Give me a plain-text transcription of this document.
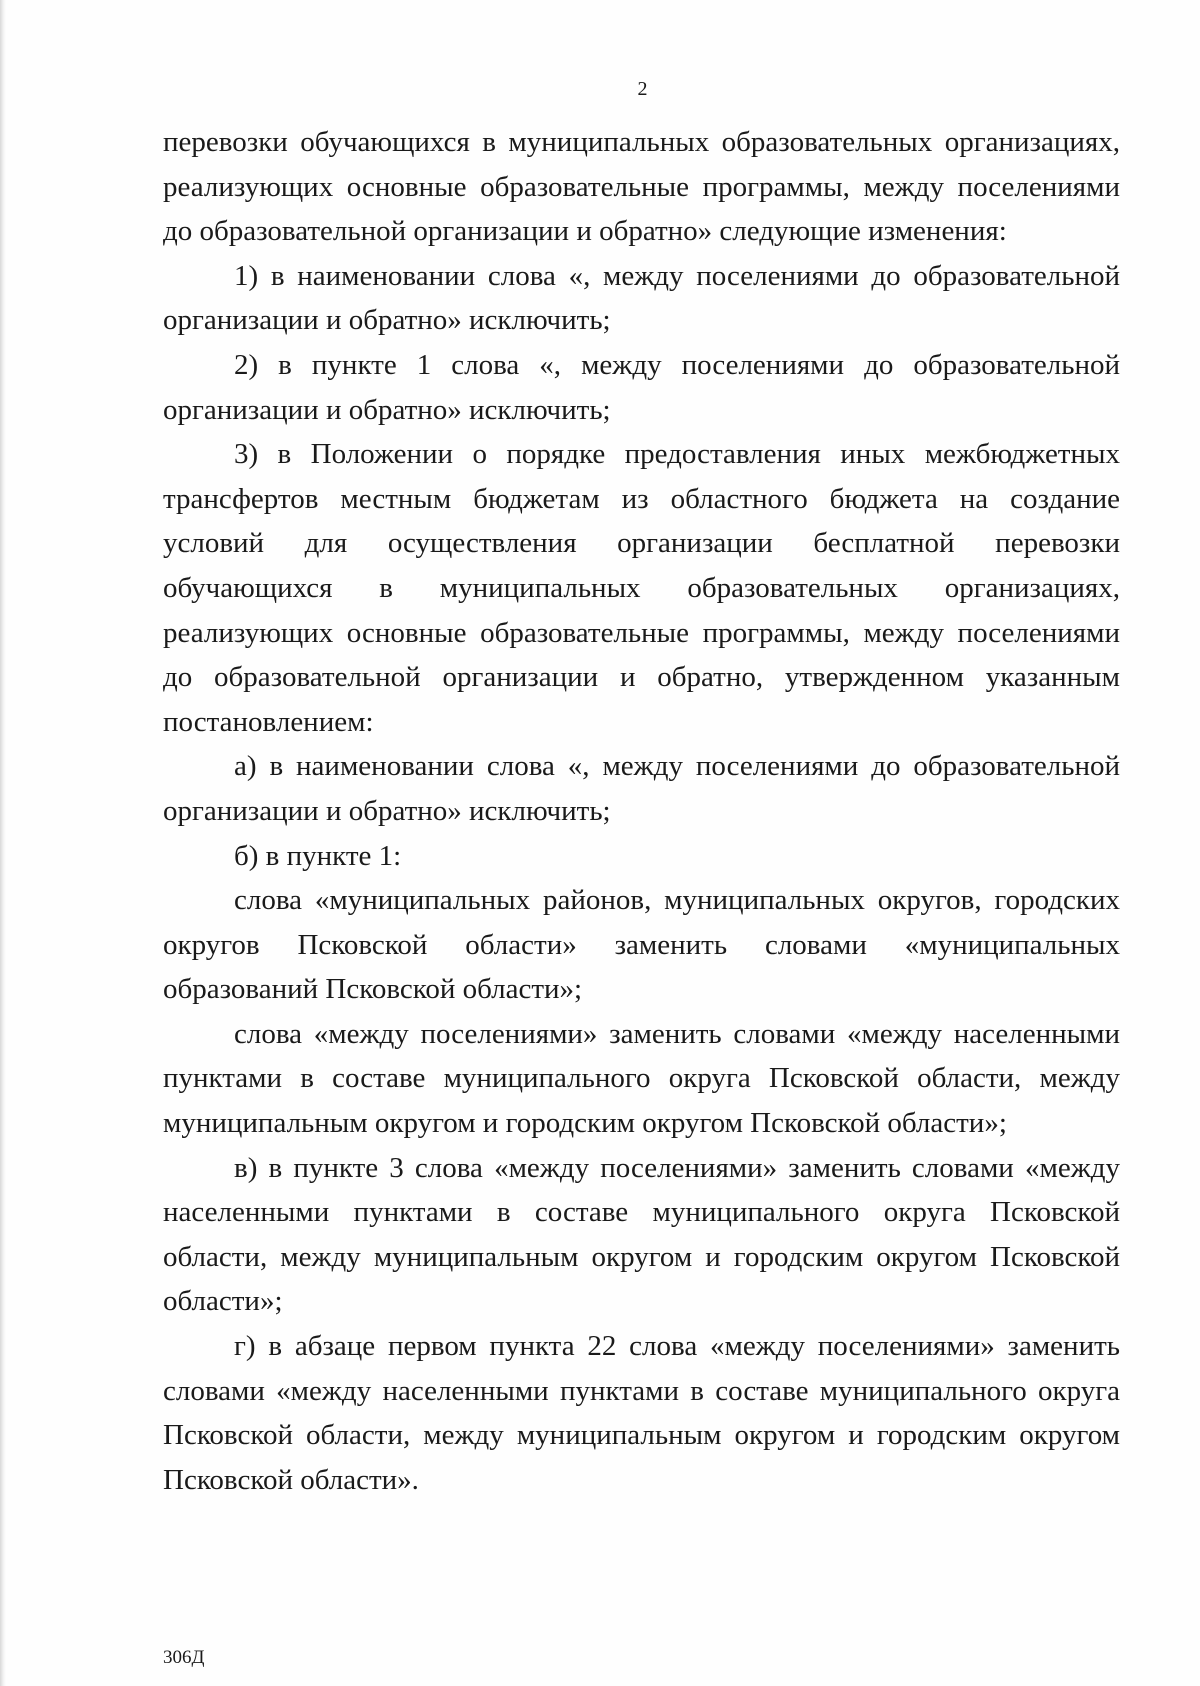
2

перевозки обучающихся в муниципальных образовательных организациях, реализующих основные образовательные программы, между поселениями до образовательной организации и обратно» следующие изменения:

1) в наименовании слова «, между поселениями до образовательной организации и обратно» исключить;

2) в пункте 1 слова «, между поселениями до образовательной организации и обратно» исключить;

3) в Положении о порядке предоставления иных межбюджетных трансфертов местным бюджетам из областного бюджета на создание условий для осуществления организации бесплатной перевозки обучающихся в муниципальных образовательных организациях, реализующих основные образовательные программы, между поселениями до образовательной организации и обратно, утвержденном указанным постановлением:

а) в наименовании слова «, между поселениями до образовательной организации и обратно» исключить;

б) в пункте 1:

слова «муниципальных районов, муниципальных округов, городских округов Псковской области» заменить словами «муниципальных образований Псковской области»;

слова «между поселениями» заменить словами «между населенными пунктами в составе муниципального округа Псковской области, между муниципальным округом и городским округом Псковской области»;

в) в пункте 3 слова «между поселениями» заменить словами «между населенными пунктами в составе муниципального округа Псковской области, между муниципальным округом и городским округом Псковской области»;

г) в абзаце первом пункта 22 слова «между поселениями» заменить словами «между населенными пунктами в составе муниципального округа Псковской области, между муниципальным округом и городским округом Псковской области».

306Д
